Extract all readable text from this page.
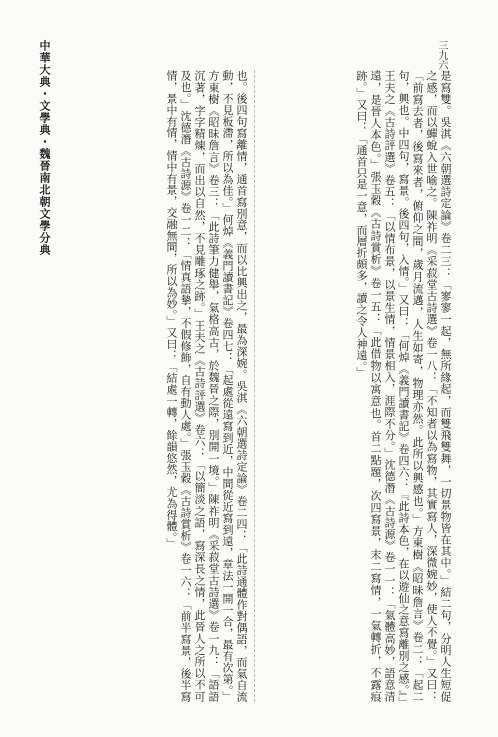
中華大典・文學典・魏晉南北朝文學分典	三九六
是寫雙。吳淇《六朝選詩定論》卷二三：「寥寥一起，無所緣起，而雙飛雙舞，一切景物皆在其中。」結二句，分明人生短促之感，而以蟬蛻入世喻之。陳祚明《采菽堂古詩選》卷一八：「不知者以為寫物，其實寫人，深微婉妙，使人不覺。」又曰：「前寫去者，後寫來者，俯仰之間，歲月流邁，人生如寄，物理亦然。此所以興感也。」方東樹《昭昧詹言》卷二：「起二句，興也。中四句，寫景。後四句，入情。」又曰：「何焯《義門讀書記》卷四六：『此詩本色，在以遊仙之意寫離別之感。』」王夫之《古詩評選》卷五：「以情布景，以景生情，情景相入，涯際不分。」沈德潛《古詩源》卷一一：「氣體高妙，語意清遠，是晉人本色。」張玉穀《古詩賞析》卷一五：「此借物以寓意也。首二點題，次四寫景，末二寫情，一氣轉折，不露痕跡。」又曰：「通首只是一意，而層折頗多，讀之令人神遠。」
也。後四句寫離情，通首寫別意，而以比興出之，最為深婉。吳淇《六朝選詩定論》卷二四：「此詩通體作對偶語，而氣自流動，不見板滯，所以為佳。」何焯《義門讀書記》卷四七：「起處從遠寫到近，中間從近寫到遠，章法一開一合，最有次第。」方東樹《昭昧詹言》卷三：「此詩筆力健舉，氣格高古，於魏晉之際，別開一境。」陳祚明《采菽堂古詩選》卷一九：「語語沉著，字字精煉，而出以自然，不見雕琢之跡。」王夫之《古詩評選》卷六：「以簡淡之語，寫深長之情，此晉人之所以不可及也。」沈德潛《古詩源》卷一二：「情真語摯，不假修飾，自有動人處。」張玉穀《古詩賞析》卷一六：「前半寫景，後半寫情，景中有情，情中有景，交融無間，所以為妙。」又曰：「結處一轉，餘韻悠然，尤為得體。」
